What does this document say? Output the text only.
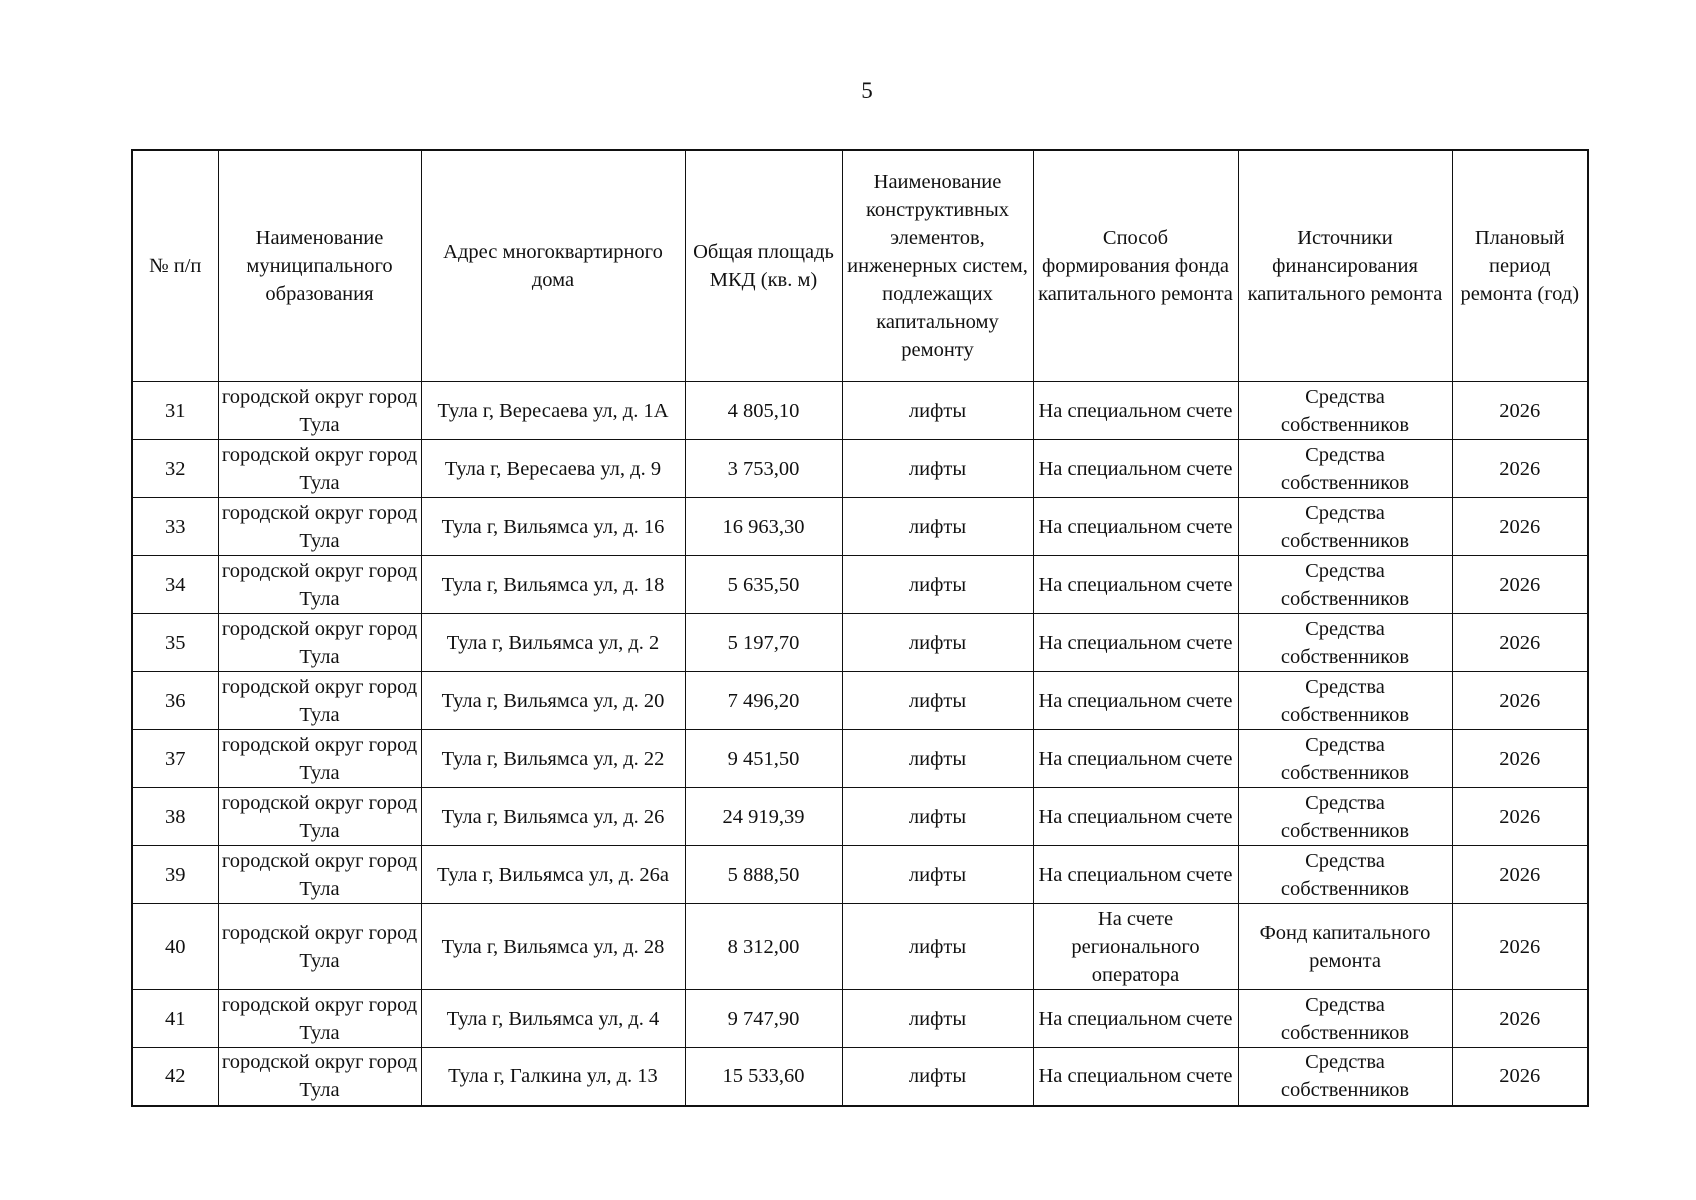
5
№ п/п	Наименование муниципального образования	Адрес многоквартирного дома	Общая площадь МКД (кв. м)	Наименование конструктивных элементов, инженерных систем, подлежащих капитальному ремонту	Способ формирования фонда капитального ремонта	Источники финансирования капитального ремонта	Плановый период ремонта (год)
31	городской округ город Тула	Тула г, Вересаева ул, д. 1А	4 805,10	лифты	На специальном счете	Средства собственников	2026
32	городской округ город Тула	Тула г, Вересаева ул, д. 9	3 753,00	лифты	На специальном счете	Средства собственников	2026
33	городской округ город Тула	Тула г, Вильямса ул, д. 16	16 963,30	лифты	На специальном счете	Средства собственников	2026
34	городской округ город Тула	Тула г, Вильямса ул, д. 18	5 635,50	лифты	На специальном счете	Средства собственников	2026
35	городской округ город Тула	Тула г, Вильямса ул, д. 2	5 197,70	лифты	На специальном счете	Средства собственников	2026
36	городской округ город Тула	Тула г, Вильямса ул, д. 20	7 496,20	лифты	На специальном счете	Средства собственников	2026
37	городской округ город Тула	Тула г, Вильямса ул, д. 22	9 451,50	лифты	На специальном счете	Средства собственников	2026
38	городской округ город Тула	Тула г, Вильямса ул, д. 26	24 919,39	лифты	На специальном счете	Средства собственников	2026
39	городской округ город Тула	Тула г, Вильямса ул, д. 26а	5 888,50	лифты	На специальном счете	Средства собственников	2026
40	городской округ город Тула	Тула г, Вильямса ул, д. 28	8 312,00	лифты	На счете регионального оператора	Фонд капитального ремонта	2026
41	городской округ город Тула	Тула г, Вильямса ул, д. 4	9 747,90	лифты	На специальном счете	Средства собственников	2026
42	городской округ город Тула	Тула г, Галкина ул, д. 13	15 533,60	лифты	На специальном счете	Средства собственников	2026
